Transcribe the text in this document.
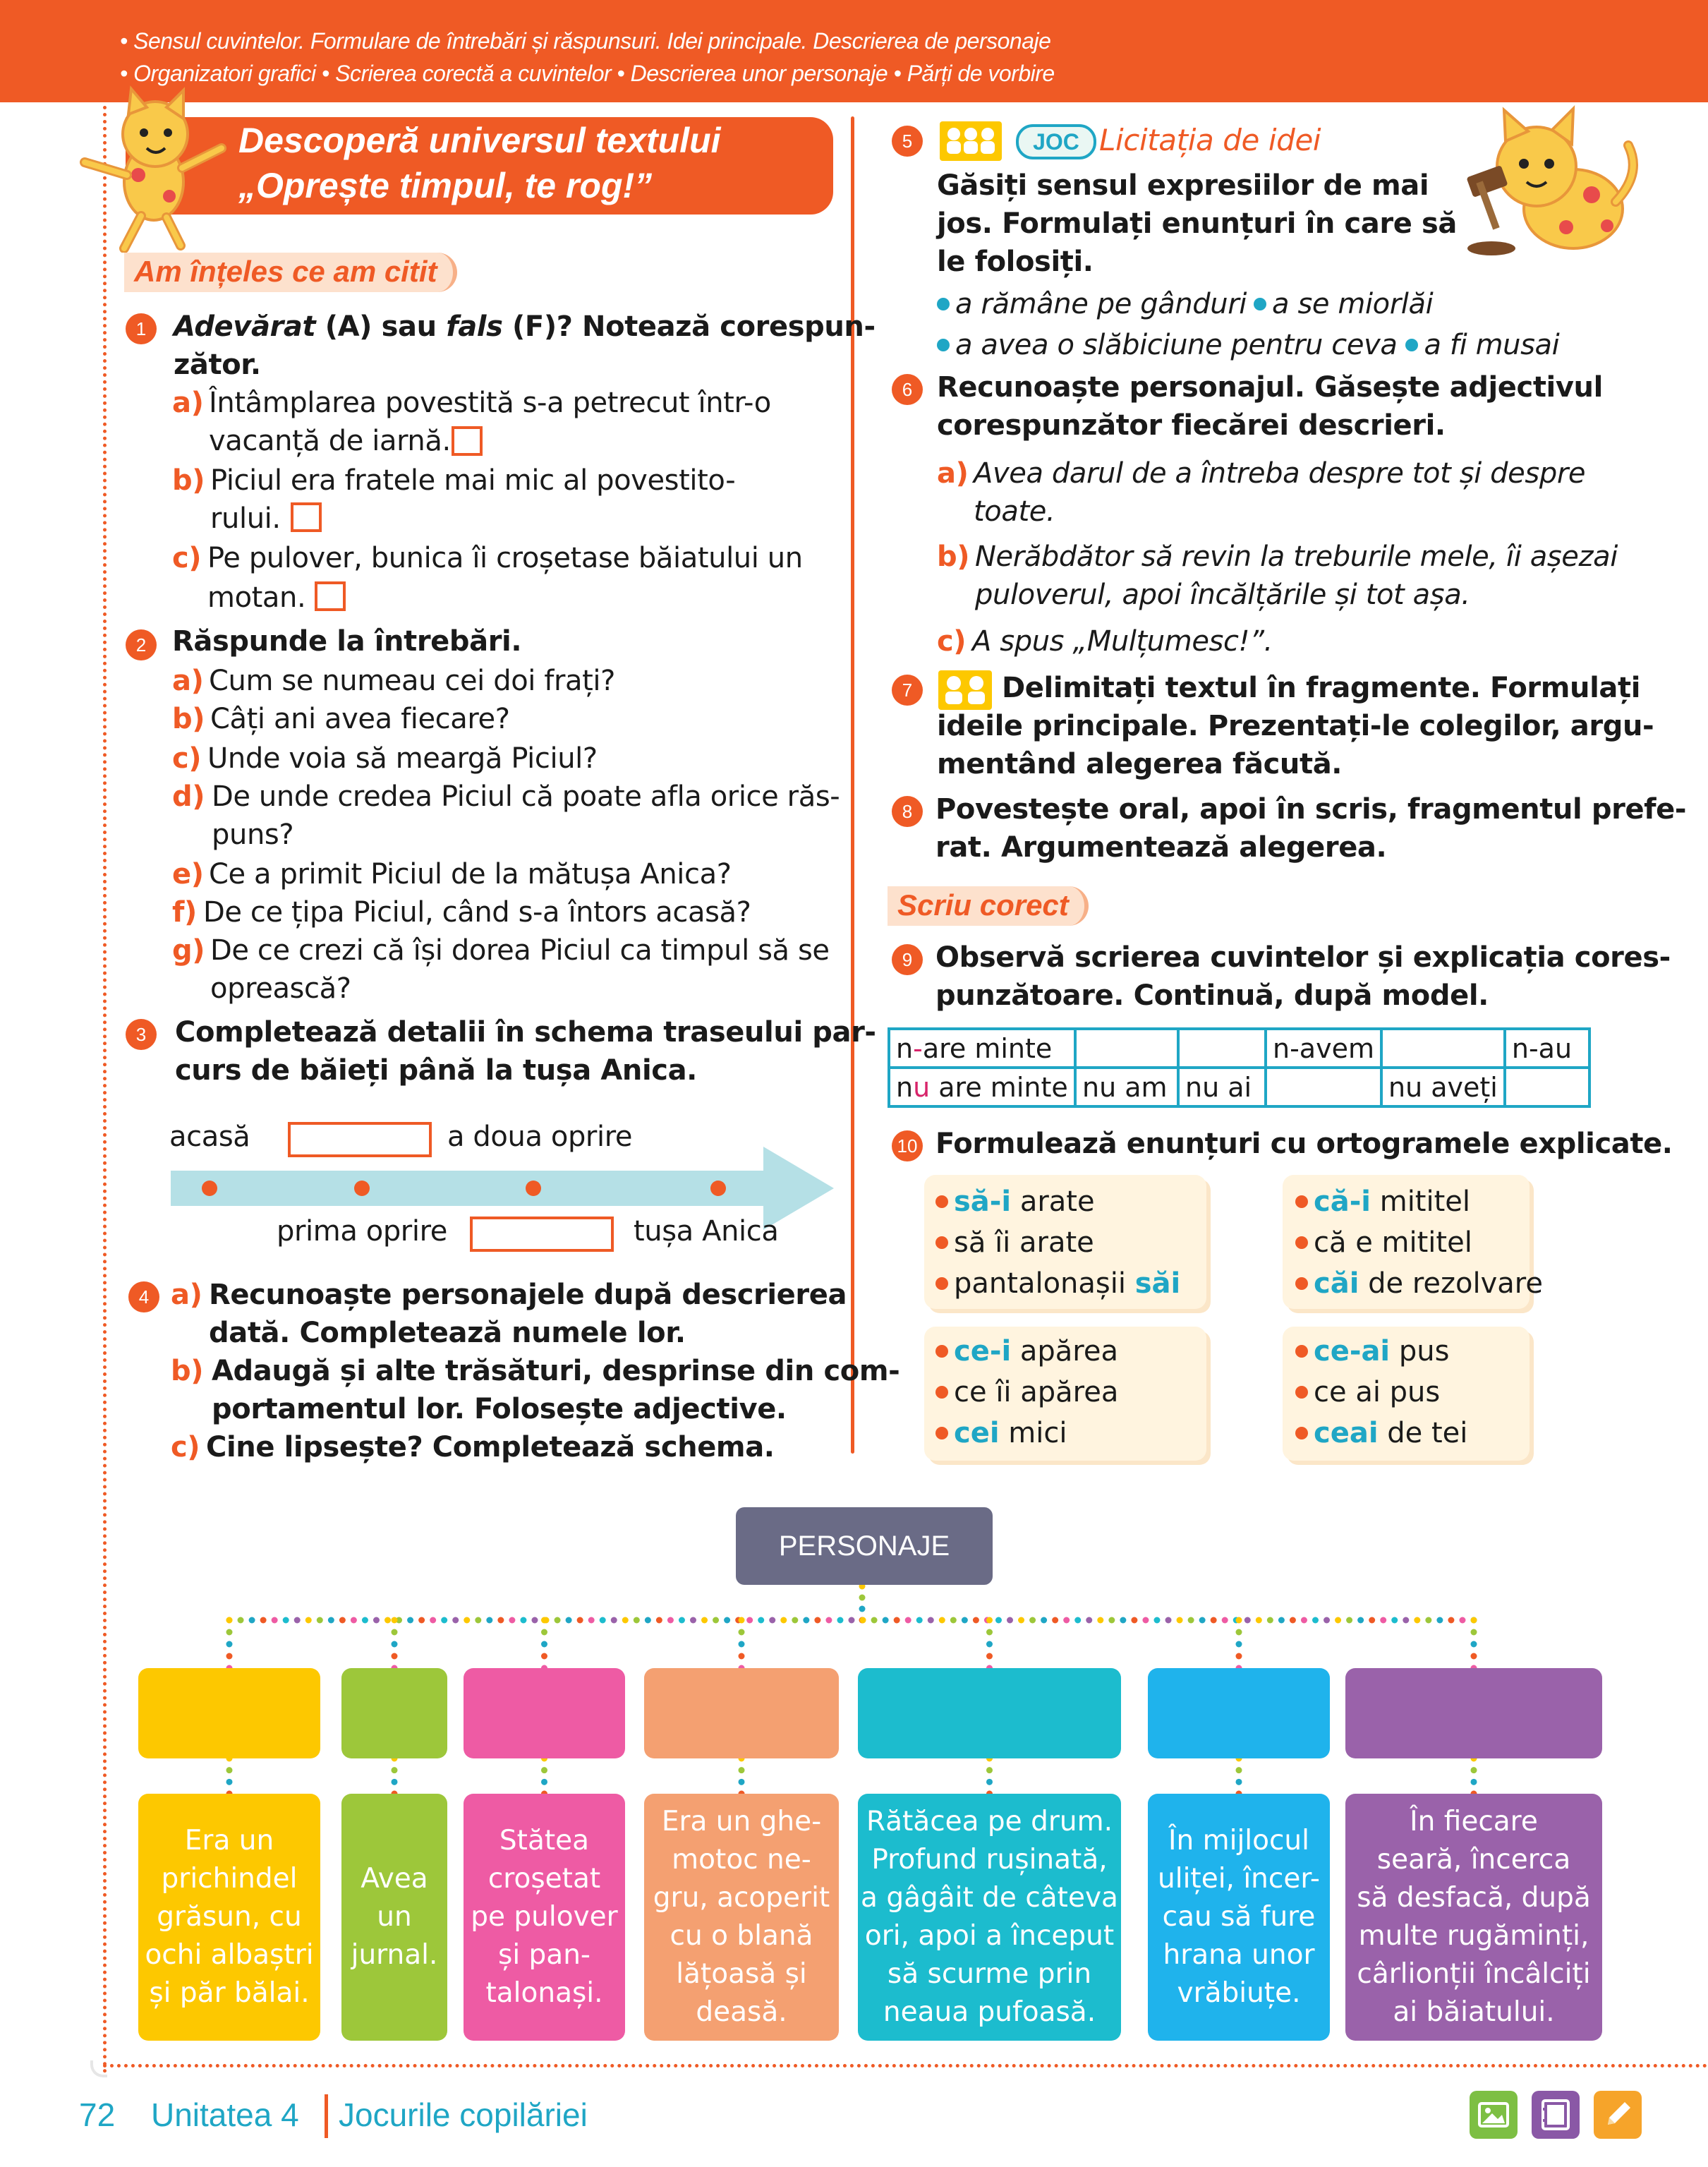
• Sensul cuvintelor. Formulare de întrebări și răspunsuri. Idei principale. Descrierea de personaje
• Organizatori grafici • Scrierea corectă a cuvintelor • Descrierea unor personaje • Părți de vorbire
Descoperă universul textului
„Oprește timpul, te rog!”
Am înțeles ce am citit
1 Adevărat (A) sau fals (F)? Notează corespun-
zător.
a) Întâmplarea povestită s-a petrecut într-o
vacanță de iarnă.
b) Piciul era fratele mai mic al povestito-
rului.
c) Pe pulover, bunica îi croșetase băiatului un
motan.
2 Răspunde la întrebări.
a) Cum se numeau cei doi frați?
b) Câți ani avea fiecare?
c) Unde voia să meargă Piciul?
d) De unde credea Piciul că poate afla orice răs-
puns?
e) Ce a primit Piciul de la mătușa Anica?
f) De ce țipa Piciul, când s-a întors acasă?
g) De ce crezi că își dorea Piciul ca timpul să se
oprească?
3	Completează detalii în schema traseului par-
curs de băieți până la tușa Anica.
acasă	a doua oprire
prima oprire	tușa Anica
4 a) Recunoaște personajele după descrierea
dată. Completează numele lor.
b) Adaugă și alte trăsături, desprinse din com-
portamentul lor. Folosește adjective.
c) Cine lipsește? Completează schema.
5	JOC Licitația de idei
Găsiți sensul expresiilor de mai
jos. Formulați enunțuri în care să
le folosiți.
a rămâne pe gânduri a se miorlăi
a avea o slăbiciune pentru ceva a fi musai
6 Recunoaște personajul. Găsește adjectivul
corespunzător fiecărei descrieri.
a) Avea darul de a întreba despre tot și despre
toate.
b) Nerăbdător să revin la treburile mele, îi așezai
puloverul, apoi încălțările și tot așa.
c) A spus „Mulțumesc!”.
7	Delimitați textul în fragmente. Formulați
ideile principale. Prezentați-le colegilor, argu-
mentând alegerea făcută.
8 Povestește oral, apoi în scris, fragmentul prefe-
rat. Argumentează alegerea.
Scriu corect
9 Observă scrierea cuvintelor și explicația cores-
punzătoare. Continuă, după model.
n-are minte			n-avem		n-au
nu are minte	nu am	nu ai		nu aveți	
10 Formulează enunțuri cu ortogramele explicate.
să-i arate
să îi arate
pantalonașii săi
că-i mititel
că e mititel
căi de rezolvare
ce-i apărea
ce îi apărea
cei mici
ce-ai pus
ce ai pus
ceai de tei
PERSONAJE
Era un
prichindel
grăsun, cu
ochi albaștri
și păr bălai.
Avea
un
jurnal.
Stătea
croșetat
pe pulover
și pan-
talonași.
Era un ghe-
motoc ne-
gru, acoperit
cu o blană
lățoasă și
deasă.
Rătăcea pe drum.
Profund rușinată,
a gâgâit de câteva
ori, apoi a început
să scurme prin
neaua pufoasă.
În mijlocul
uliței, încer-
cau să fure
hrana unor
vrăbiuțe.
În fiecare
seară, încerca
să desfacă, după
multe rugăminți,
cârlionții încâlciți
ai băiatului.
72 Unitatea 4 Jocurile copilăriei
